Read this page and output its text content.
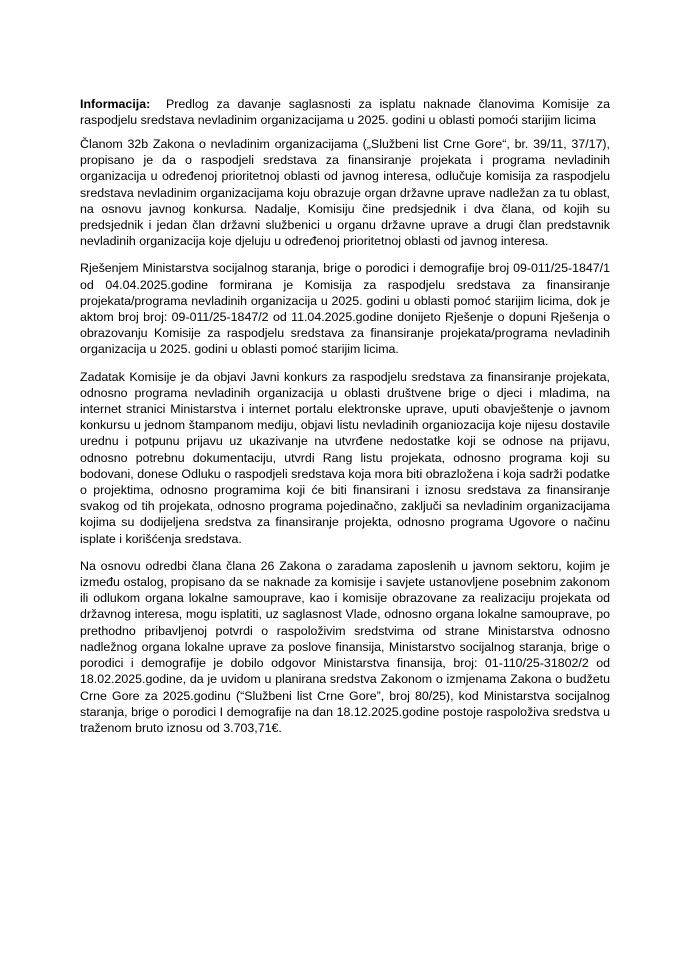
Informacija: Predlog za davanje saglasnosti za isplatu naknade članovima Komisije za raspodjelu sredstava nevladinim organizacijama u 2025. godini u oblasti pomoći starijim licima

Članom 32b Zakona o nevladinim organizacijama („Službeni list Crne Gore“, br. 39/11, 37/17), propisano je da o raspodjeli sredstava za finansiranje projekata i programa nevladinih organizacija u određenoj prioritetnoj oblasti od javnog interesa, odlučuje komisija za raspodjelu sredstava nevladinim organizacijama koju obrazuje organ državne uprave nadležan za tu oblast, na osnovu javnog konkursa. Nadalje, Komisiju čine predsjednik i dva člana, od kojih su predsjednik i jedan član državni službenici u organu državne uprave a drugi član predstavnik nevladinih organizacija koje djeluju u određenoj prioritetnoj oblasti od javnog interesa.

Rješenjem Ministarstva socijalnog staranja, brige o porodici i demografije broj 09-011/25-1847/1 od 04.04.2025.godine formirana je Komisija za raspodjelu sredstava za finansiranje projekata/programa nevladinih organizacija u 2025. godini u oblasti pomoć starijim licima, dok je aktom broj broj: 09-011/25-1847/2 od 11.04.2025.godine donijeto Rješenje o dopuni Rješenja o obrazovanju Komisije za raspodjelu sredstava za finansiranje projekata/programa nevladinih organizacija u 2025. godini u oblasti pomoć starijim licima.

Zadatak Komisije je da objavi Javni konkurs za raspodjelu sredstava za finansiranje projekata, odnosno programa nevladinih organizacija u oblasti društvene brige o djeci i mladima, na internet stranici Ministarstva i internet portalu elektronske uprave, uputi obavještenje o javnom konkursu u jednom štampanom mediju, objavi listu nevladinih organiozacija koje nijesu dostavile urednu i potpunu prijavu uz ukazivanje na utvrđene nedostatke koji se odnose na prijavu, odnosno potrebnu dokumentaciju, utvrdi Rang listu projekata, odnosno programa koji su bodovani, donese Odluku o raspodjeli sredstava koja mora biti obrazložena i koja sadrži podatke o projektima, odnosno programima koji će biti finansirani i iznosu sredstava za finansiranje svakog od tih projekata, odnosno programa pojedinačno, zaključi sa nevladinim organizacijama kojima su dodijeljena sredstva za finansiranje projekta, odnosno programa Ugovore o načinu isplate i korišćenja sredstava.

Na osnovu odredbi člana člana 26 Zakona o zaradama zaposlenih u javnom sektoru, kojim je između ostalog, propisano da se naknade za komisije i savjete ustanovljene posebnim zakonom ili odlukom organa lokalne samouprave, kao i komisije obrazovane za realizaciju projekata od državnog interesa, mogu isplatiti, uz saglasnost Vlade, odnosno organa lokalne samouprave, po prethodno pribavljenoj potvrdi o raspoloživim sredstvima od strane Ministarstva odnosno nadležnog organa lokalne uprave za poslove finansija, Ministarstvo socijalnog staranja, brige o porodici i demografije je dobilo odgovor Ministarstva finansija, broj: 01-110/25-31802/2 od 18.02.2025.godine, da je uvidom u planirana sredstva Zakonom o izmjenama Zakona o budžetu Crne Gore za 2025.godinu (“Službeni list Crne Gore”, broj 80/25), kod Ministarstva socijalnog staranja, brige o porodici I demografije na dan 18.12.2025.godine postoje raspoloživa sredstva u traženom bruto iznosu od 3.703,71€.
